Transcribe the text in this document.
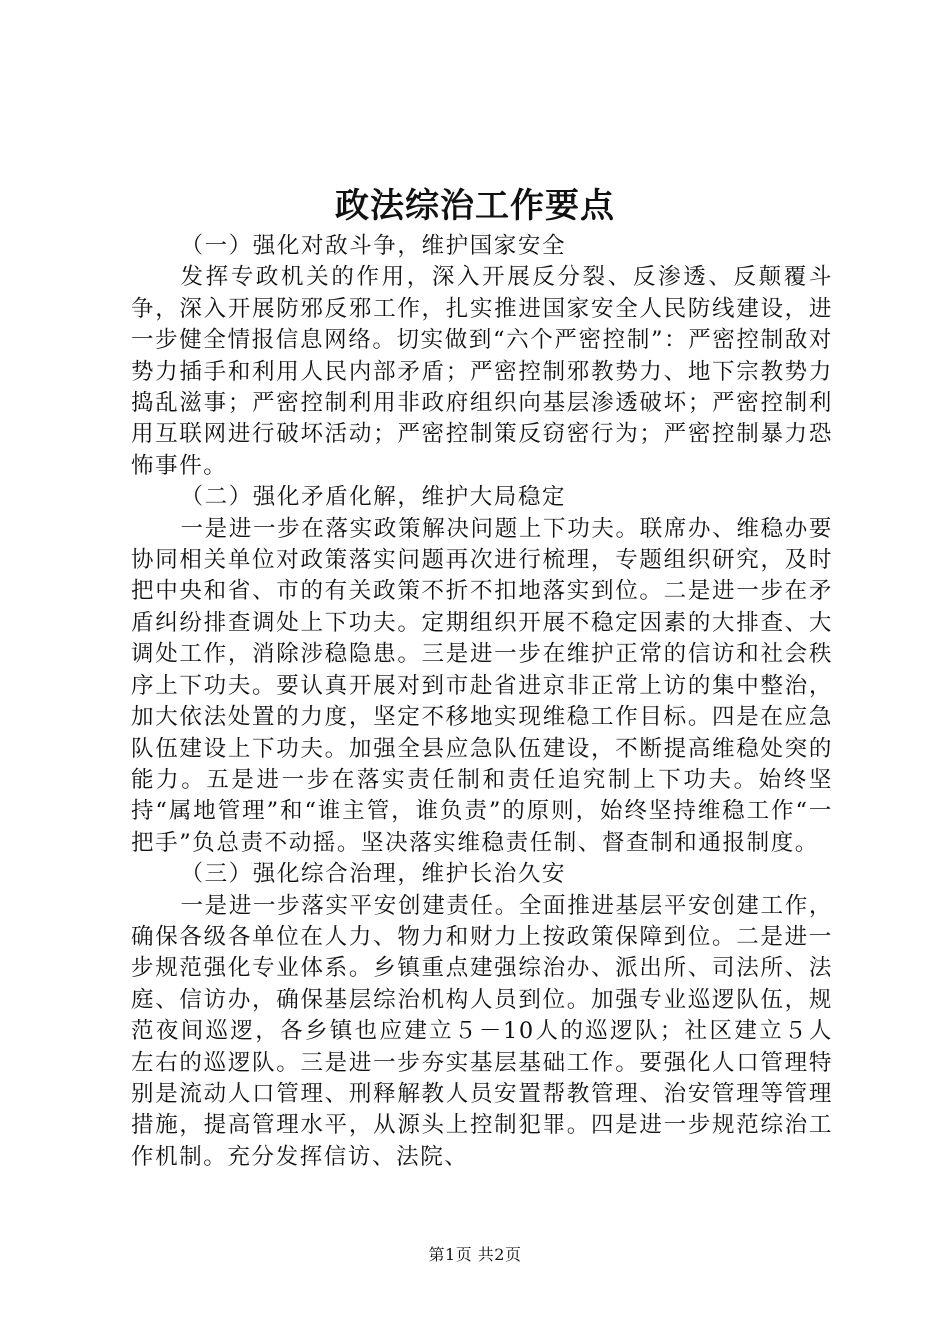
政法综治工作要点

（一）强化对敌斗争，维护国家安全

发挥专政机关的作用，深入开展反分裂、反渗透、反颠覆斗争，深入开展防邪反邪工作，扎实推进国家安全人民防线建设，进一步健全情报信息网络。切实做到“六个严密控制”：严密控制敌对势力插手和利用人民内部矛盾；严密控制邪教势力、地下宗教势力捣乱滋事；严密控制利用非政府组织向基层渗透破坏；严密控制利用互联网进行破坏活动；严密控制策反窃密行为；严密控制暴力恐怖事件。

（二）强化矛盾化解，维护大局稳定

一是进一步在落实政策解决问题上下功夫。联席办、维稳办要协同相关单位对政策落实问题再次进行梳理，专题组织研究，及时把中央和省、市的有关政策不折不扣地落实到位。二是进一步在矛盾纠纷排查调处上下功夫。定期组织开展不稳定因素的大排查、大调处工作，消除涉稳隐患。三是进一步在维护正常的信访和社会秩序上下功夫。要认真开展对到市赴省进京非正常上访的集中整治，加大依法处置的力度，坚定不移地实现维稳工作目标。四是在应急队伍建设上下功夫。加强全县应急队伍建设，不断提高维稳处突的能力。五是进一步在落实责任制和责任追究制上下功夫。始终坚持“属地管理”和“谁主管，谁负责”的原则，始终坚持维稳工作“一把手”负总责不动摇。坚决落实维稳责任制、督查制和通报制度。

（三）强化综合治理，维护长治久安

一是进一步落实平安创建责任。全面推进基层平安创建工作，确保各级各单位在人力、物力和财力上按政策保障到位。二是进一步规范强化专业体系。乡镇重点建强综治办、派出所、司法所、法庭、信访办，确保基层综治机构人员到位。加强专业巡逻队伍，规范夜间巡逻，各乡镇也应建立５－10人的巡逻队；社区建立５人左右的巡逻队。三是进一步夯实基层基础工作。要强化人口管理特别是流动人口管理、刑释解教人员安置帮教管理、治安管理等管理措施，提高管理水平，从源头上控制犯罪。四是进一步规范综治工作机制。充分发挥信访、法院、

第1页 共2页
